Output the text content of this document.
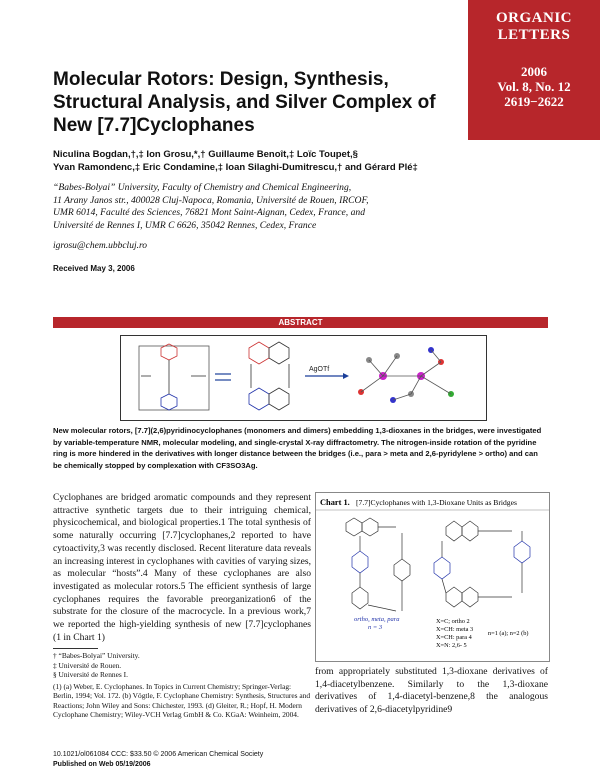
ORGANIC
LETTERS
2006
Vol. 8, No. 12
2619−2622
Molecular Rotors: Design, Synthesis, Structural Analysis, and Silver Complex of New [7.7]Cyclophanes
Niculina Bogdan,†,‡ Ion Grosu,*,† Guillaume Benoît,‡ Loïc Toupet,§
Yvan Ramondenc,‡ Eric Condamine,‡ Ioan Silaghi-Dumitrescu,† and Gérard Plé‡
“Babes-Bolyai” University, Faculty of Chemistry and Chemical Engineering,
11 Arany Janos str., 400028 Cluj-Napoca, Romania, Université de Rouen, IRCOF,
UMR 6014, Faculté des Sciences, 76821 Mont Saint-Aignan, Cedex, France, and
Université de Rennes I, UMR C 6626, 35042 Rennes, Cedex, France
igrosu@chem.ubbcluj.ro
Received May 3, 2006
ABSTRACT
AgOTf
New molecular rotors, [7.7](2,6)pyridinocyclophanes (monomers and dimers) embedding 1,3-dioxanes in the bridges, were investigated by variable-temperature NMR, molecular modeling, and single-crystal X-ray diffractometry. The nitrogen-inside rotation of the pyridine ring is more hindered in the derivatives with longer distance between the bridges (i.e., para > meta and 2,6-pyridylene > ortho) and can be chemically stopped by complexation with CF3SO3Ag.
Cyclophanes are bridged aromatic compounds and they represent attractive synthetic targets due to their intriguing chemical, physicochemical, and biological properties.1 The total synthesis of some naturally occurring [7.7]cyclophanes,2 reported to have cytoactivity,3 was recently disclosed. Recent literature data reveals an increasing interest in cyclophanes with cavities of varying sizes, as molecular “hosts”.4 Many of these cyclophanes are also investigated as molecular rotors.5 The efficient synthesis of large cyclophanes requires the favorable preorganization6 of the substrate for the closure of the macrocycle. In a previous work,7 we reported the high-yielding synthesis of new [7.7]cyclophanes (1 in Chart 1)
Chart 1. [7.7]Cyclophanes with 1,3-Dioxane Units as Bridges
ortho, meta, para
n = 3
X=C; ortho 2
X=CH: meta 3
X=CH: para 4
X=N: 2,6- 5
n=1 (a); n=2 (b)
† “Babes-Bolyai” University.
‡ Université de Rouen.
§ Université de Rennes I.
(1) (a) Weber, E. Cyclophanes. In Topics in Current Chemistry; Springer-Verlag: Berlin, 1994; Vol. 172. (b) Vögtle, F. Cyclophane Chemistry: Synthesis, Structures and Reactions; John Wiley and Sons: Chichester, 1993. (d) Gleiter, R.; Hopf, H. Modern Cyclophane Chemistry; Wiley-VCH Verlag GmbH & Co. KGaA: Weinheim, 2004.
from appropriately substituted 1,3-dioxane derivatives of 1,4-diacetylbenzene. Similarly to the 1,3-dioxane derivatives of 1,4-diacetyl-benzene,8 the analogous derivatives of 2,6-diacetylpyridine9
10.1021/ol061084 CCC: $33.50 © 2006 American Chemical Society
Published on Web 05/19/2006
